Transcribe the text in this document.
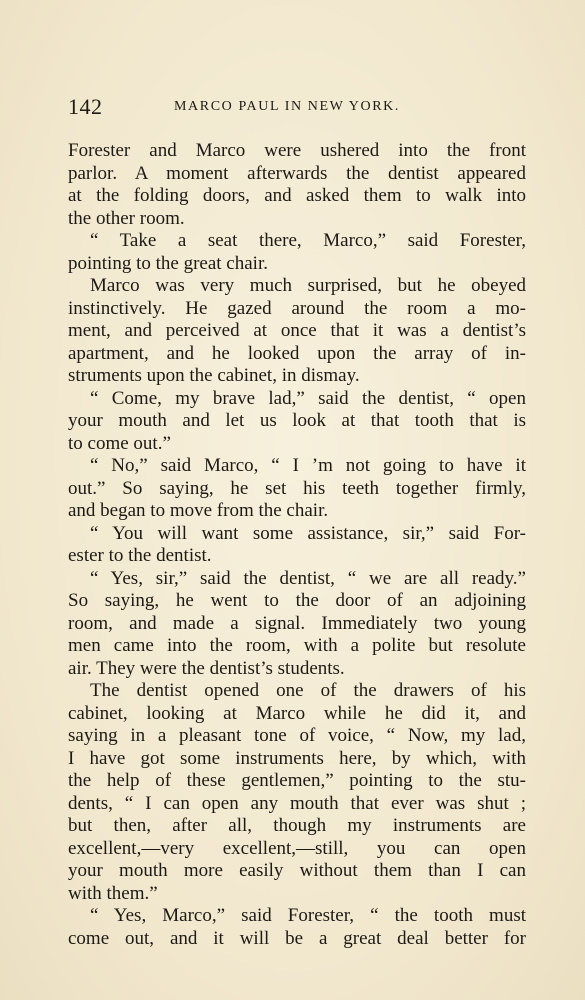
142	MARCO PAUL IN NEW YORK.
Forester and Marco were ushered into the front
parlor. A moment afterwards the dentist appeared
at the folding doors, and asked them to walk into
the other room.
“ Take a seat there, Marco,” said Forester,
pointing to the great chair.
Marco was very much surprised, but he obeyed
instinctively. He gazed around the room a mo-
ment, and perceived at once that it was a dentist’s
apartment, and he looked upon the array of in-
struments upon the cabinet, in dismay.
“ Come, my brave lad,” said the dentist, “ open
your mouth and let us look at that tooth that is
to come out.”
“ No,” said Marco, “ I ’m not going to have it
out.” So saying, he set his teeth together firmly,
and began to move from the chair.
“ You will want some assistance, sir,” said For-
ester to the dentist.
“ Yes, sir,” said the dentist, “ we are all ready.”
So saying, he went to the door of an adjoining
room, and made a signal. Immediately two young
men came into the room, with a polite but resolute
air. They were the dentist’s students.
The dentist opened one of the drawers of his
cabinet, looking at Marco while he did it, and
saying in a pleasant tone of voice, “ Now, my lad,
I have got some instruments here, by which, with
the help of these gentlemen,” pointing to the stu-
dents, “ I can open any mouth that ever was shut ;
but then, after all, though my instruments are
excellent,—very excellent,—still, you can open
your mouth more easily without them than I can
with them.”
“ Yes, Marco,” said Forester, “ the tooth must
come out, and it will be a great deal better for
